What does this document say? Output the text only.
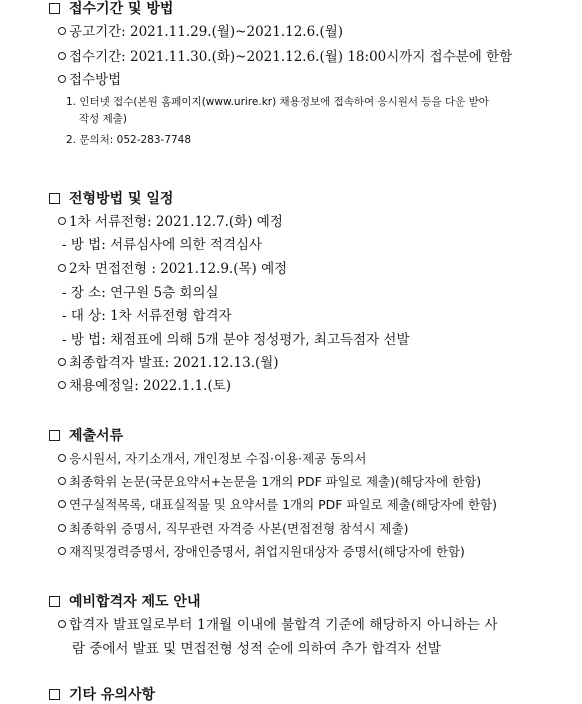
접수기간 및 방법
공고기간: 2021.11.29.(월)~2021.12.6.(월)
접수기간: 2021.11.30.(화)~2021.12.6.(월) 18:00시까지 접수분에 한함
접수방법
1. 인터넷 접수(본원 홈페이지(www.urire.kr) 채용정보에 접속하여 응시원서 등을 다운 받아
작성 제출)
2. 문의처: 052-283-7748
전형방법 및 일정
1차 서류전형: 2021.12.7.(화) 예정
- 방 법: 서류심사에 의한 적격심사
2차 면접전형 : 2021.12.9.(목) 예정
- 장 소: 연구원 5층 회의실
- 대 상: 1차 서류전형 합격자
- 방 법: 채점표에 의해 5개 분야 정성평가, 최고득점자 선발
최종합격자 발표: 2021.12.13.(월)
채용예정일: 2022.1.1.(토)
제출서류
응시원서, 자기소개서, 개인정보 수집·이용·제공 동의서
최종학위 논문(국문요약서+논문을 1개의 PDF 파일로 제출)(해당자에 한함)
연구실적목록, 대표실적물 및 요약서를 1개의 PDF 파일로 제출(해당자에 한함)
최종학위 증명서, 직무관련 자격증 사본(면접전형 참석시 제출)
재직및경력증명서, 장애인증명서, 취업지원대상자 증명서(해당자에 한함)
예비합격자 제도 안내
합격자 발표일로부터 1개월 이내에 불합격 기준에 해당하지 아니하는 사
람 중에서 발표 및 면접전형 성적 순에 의하여 추가 합격자 선발
기타 유의사항
